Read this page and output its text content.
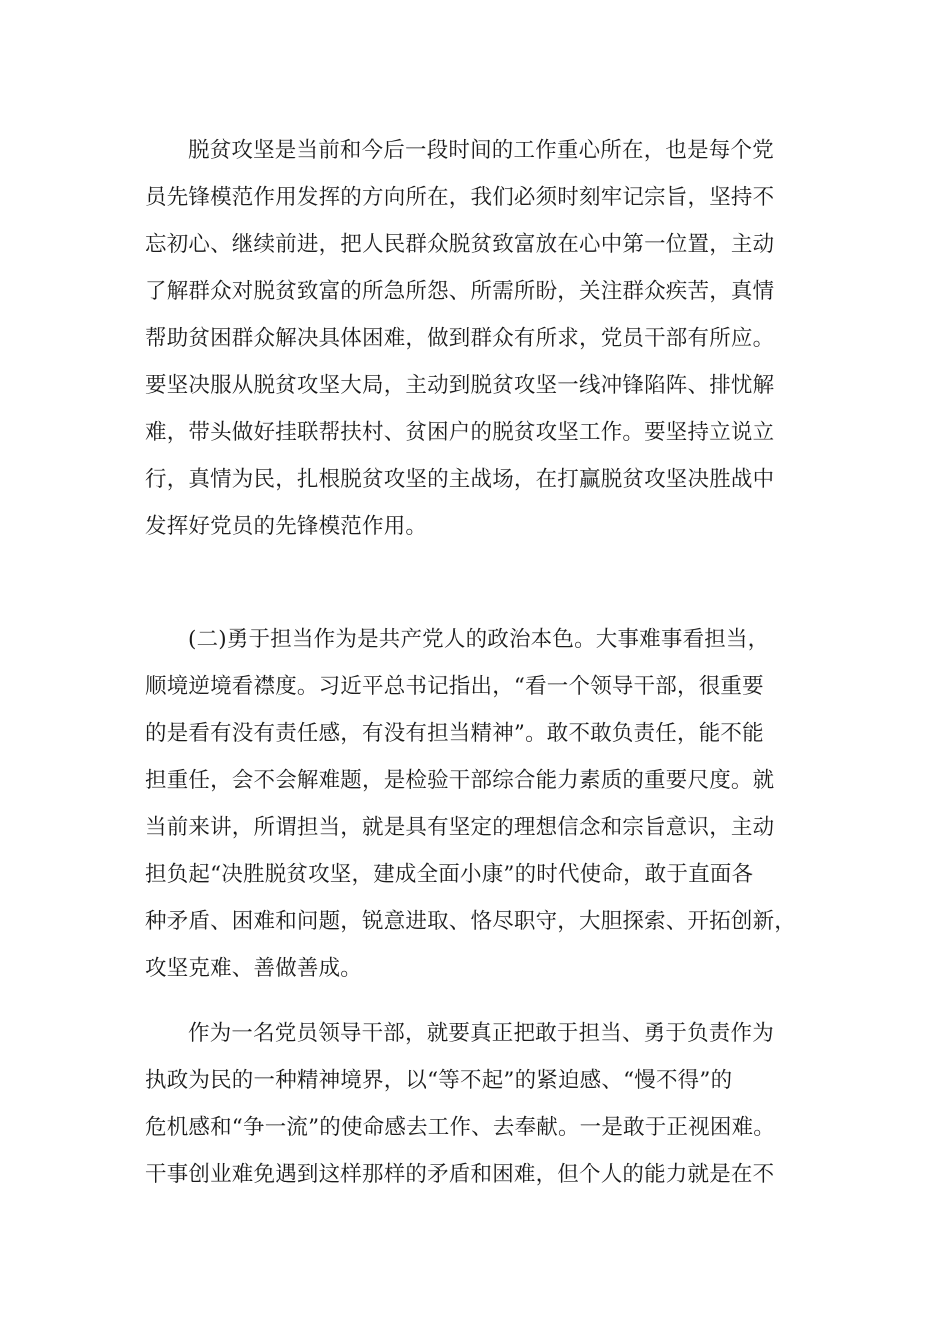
脱贫攻坚是当前和今后一段时间的工作重心所在，也是每个党
员先锋模范作用发挥的方向所在，我们必须时刻牢记宗旨，坚持不
忘初心、继续前进，把人民群众脱贫致富放在心中第一位置，主动
了解群众对脱贫致富的所急所怨、所需所盼，关注群众疾苦，真情
帮助贫困群众解决具体困难，做到群众有所求，党员干部有所应。
要坚决服从脱贫攻坚大局，主动到脱贫攻坚一线冲锋陷阵、排忧解
难，带头做好挂联帮扶村、贫困户的脱贫攻坚工作。要坚持立说立
行，真情为民，扎根脱贫攻坚的主战场，在打赢脱贫攻坚决胜战中
发挥好党员的先锋模范作用。

(二)勇于担当作为是共产党人的政治本色。大事难事看担当，
顺境逆境看襟度。习近平总书记指出，“看一个领导干部，很重要
的是看有没有责任感，有没有担当精神”。敢不敢负责任，能不能
担重任，会不会解难题，是检验干部综合能力素质的重要尺度。就
当前来讲，所谓担当，就是具有坚定的理想信念和宗旨意识，主动
担负起“决胜脱贫攻坚，建成全面小康”的时代使命，敢于直面各
种矛盾、困难和问题，锐意进取、恪尽职守，大胆探索、开拓创新，
攻坚克难、善做善成。

作为一名党员领导干部，就要真正把敢于担当、勇于负责作为
执政为民的一种精神境界，以“等不起”的紧迫感、“慢不得”的
危机感和“争一流”的使命感去工作、去奉献。一是敢于正视困难。
干事创业难免遇到这样那样的矛盾和困难，但个人的能力就是在不
